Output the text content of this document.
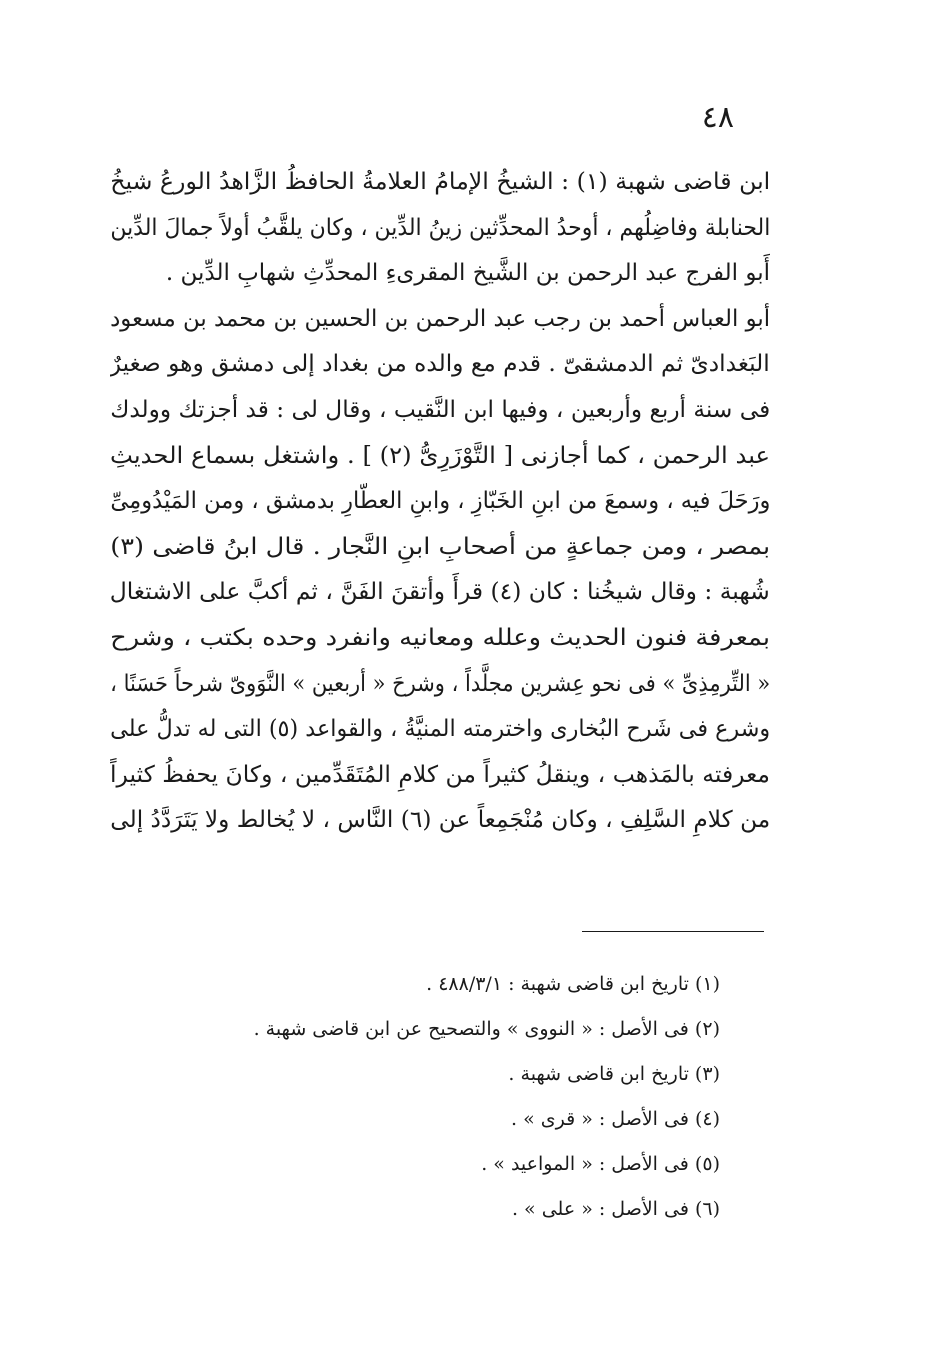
٤٨
ابن قاضى شهبة (١) : الشيخُ الإمامُ العلامةُ الحافظُ الزَّاهدُ الورعُ شيخُ
الحنابلة وفاضِلُهم ، أوحدُ المحدِّثين زينُ الدِّين ، وكان يلقَّبُ أولاً جمالَ الدِّين
أَبو الفرج عبد الرحمن بن الشَّيخ المقرىءِ المحدِّثِ شهابِ الدِّين .
أبو العباس أحمد بن رجب عبد الرحمن بن الحسين بن محمد بن مسعود
البَغدادىّ ثم الدمشقىّ . قدم مع والده من بغداد إلى دمشق وهو صغيرٌ
فى سنة أربع وأربعين ، وفيها ابن النَّقيب ، وقال لى : قد أجزتك وولدك
عبد الرحمن ، كما أجازنى [ التَّوْزَرِىُّ (٢) ] . واشتغل بسماع الحديثِ
ورَحَلَ فيه ، وسمعَ من ابنِ الخَبّازِ ، وابنِ العطّارِ بدمشق ، ومن المَيْدُومِىِّ
بمصر ، ومن جماعةٍ من أصحابِ ابنِ النَّجار . قال ابنُ قاضى (٣)
شُهبة : وقال شيخُنا : كان (٤) قرأَ وأتقنَ الفَنَّ ، ثم أكبَّ على الاشتغال
بمعرفة فنون الحديث وعلله ومعانيه وانفرد وحده بكتب ، وشرح
« التِّرمِذِىِّ » فى نحو عِشرين مجلَّداً ، وشرحَ « أربعين » النَّوَوىّ شرحاً حَسَنًا ،
وشرع فى شَرح البُخارى واخترمته المنيَّةُ ، والقواعد (٥) التى له تدلُّ على
معرفته بالمَذهب ، وينقلُ كثيراً من كلامِ المُتَقَدِّمين ، وكانَ يحفظُ كثيراً
من كلامِ السَّلِفِ ، وكان مُنْجَمِعاً عن (٦) النَّاس ، لا يُخالط ولا يَتَرَدَّدُ إلى
(١) تاريخ ابن قاضى شهبة : ٤٨٨/٣/١ .
(٢) فى الأصل : « النووى » والتصحيح عن ابن قاضى شهبة .
(٣) تاريخ ابن قاضى شهبة .
(٤) فى الأصل : « قرى » .
(٥) فى الأصل : « المواعيد » .
(٦) فى الأصل : « على » .
